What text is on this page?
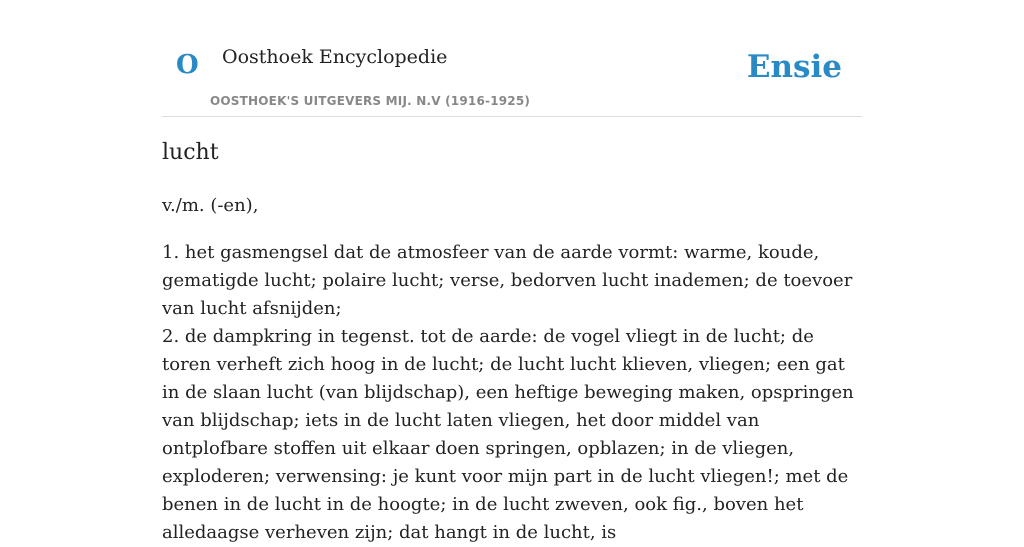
O Oosthoek Encyclopedie
OOSTHOEK'S UITGEVERS MIJ. N.V (1916-1925)
Ensie
lucht

v./m. (-en),

1. het gasmengsel dat de atmosfeer van de aarde vormt: warme, koude, gematigde lucht; polaire lucht; verse, bedorven lucht inademen; de toevoer van lucht afsnijden;

2. de dampkring in tegenst. tot de aarde: de vogel vliegt in de lucht; de toren verheft zich hoog in de lucht; de lucht lucht klieven, vliegen; een gat in de slaan lucht (van blijdschap), een heftige beweging maken, opspringen van blijdschap; iets in de lucht laten vliegen, het door middel van ontplofbare stoffen uit elkaar doen springen, opblazen; in de vliegen, exploderen; verwensing: je kunt voor mijn part in de lucht vliegen!; met de benen in de lucht in de hoogte; in de lucht zweven, ook fig., boven het alledaagse verheven zijn; dat hangt in de lucht, is
